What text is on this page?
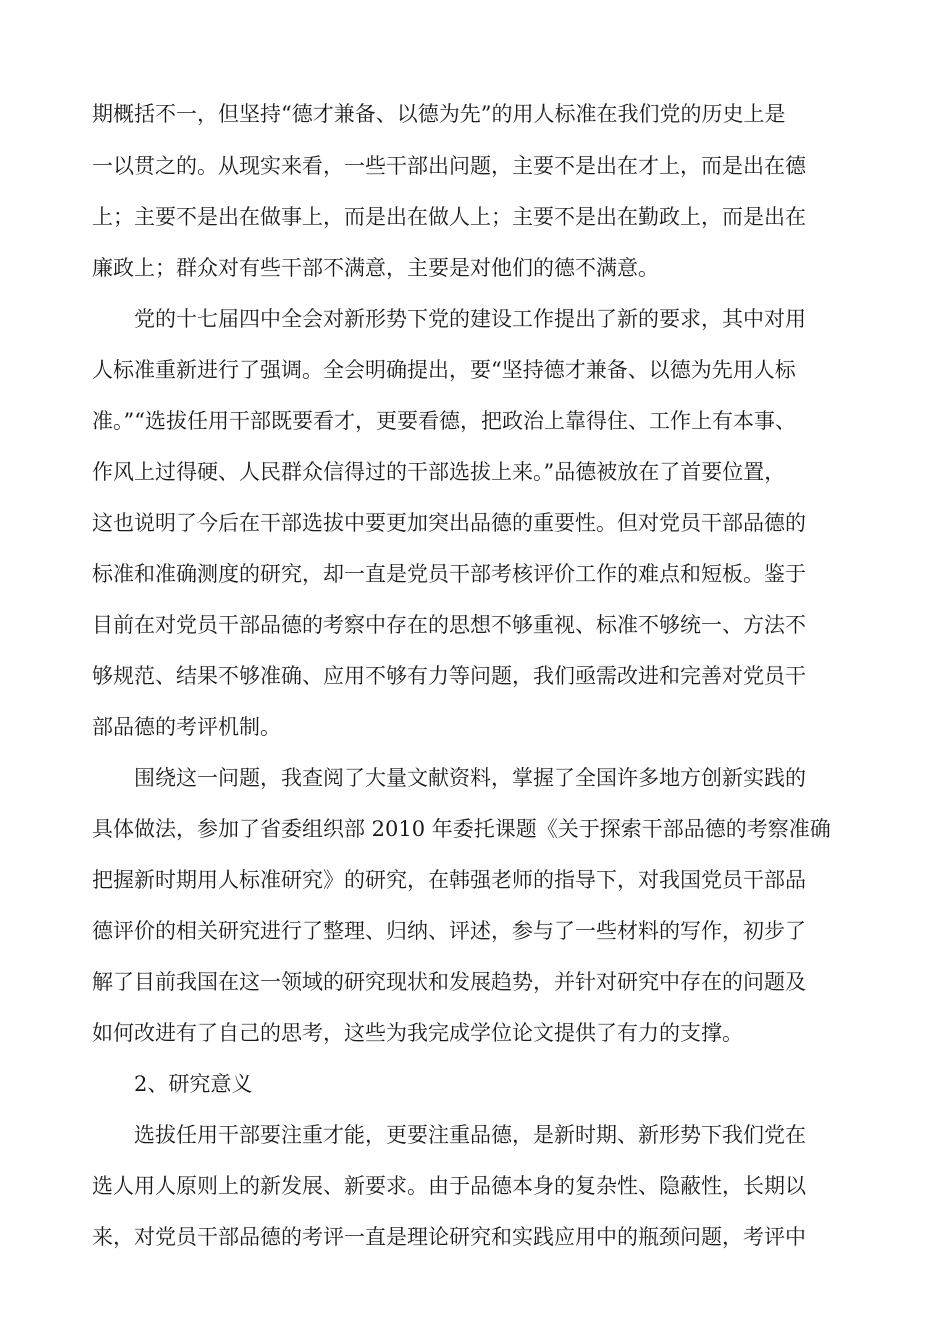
期概括不一，但坚持“德才兼备、以德为先”的用人标准在我们党的历史上是
一以贯之的。从现实来看，一些干部出问题，主要不是出在才上，而是出在德
上；主要不是出在做事上，而是出在做人上；主要不是出在勤政上，而是出在
廉政上；群众对有些干部不满意，主要是对他们的德不满意。
党的十七届四中全会对新形势下党的建设工作提出了新的要求，其中对用
人标准重新进行了强调。全会明确提出，要“坚持德才兼备、以德为先用人标
准。”“选拔任用干部既要看才，更要看德，把政治上靠得住、工作上有本事、
作风上过得硬、人民群众信得过的干部选拔上来。”品德被放在了首要位置，
这也说明了今后在干部选拔中要更加突出品德的重要性。但对党员干部品德的
标准和准确测度的研究，却一直是党员干部考核评价工作的难点和短板。鉴于
目前在对党员干部品德的考察中存在的思想不够重视、标准不够统一、方法不
够规范、结果不够准确、应用不够有力等问题，我们亟需改进和完善对党员干
部品德的考评机制。
围绕这一问题，我查阅了大量文献资料，掌握了全国许多地方创新实践的
具体做法，参加了省委组织部 2010 年委托课题《关于探索干部品德的考察准确
把握新时期用人标准研究》的研究，在韩强老师的指导下，对我国党员干部品
德评价的相关研究进行了整理、归纳、评述，参与了一些材料的写作，初步了
解了目前我国在这一领域的研究现状和发展趋势，并针对研究中存在的问题及
如何改进有了自己的思考，这些为我完成学位论文提供了有力的支撑。
2、研究意义
选拔任用干部要注重才能，更要注重品德，是新时期、新形势下我们党在
选人用人原则上的新发展、新要求。由于品德本身的复杂性、隐蔽性，长期以
来，对党员干部品德的考评一直是理论研究和实践应用中的瓶颈问题，考评中
